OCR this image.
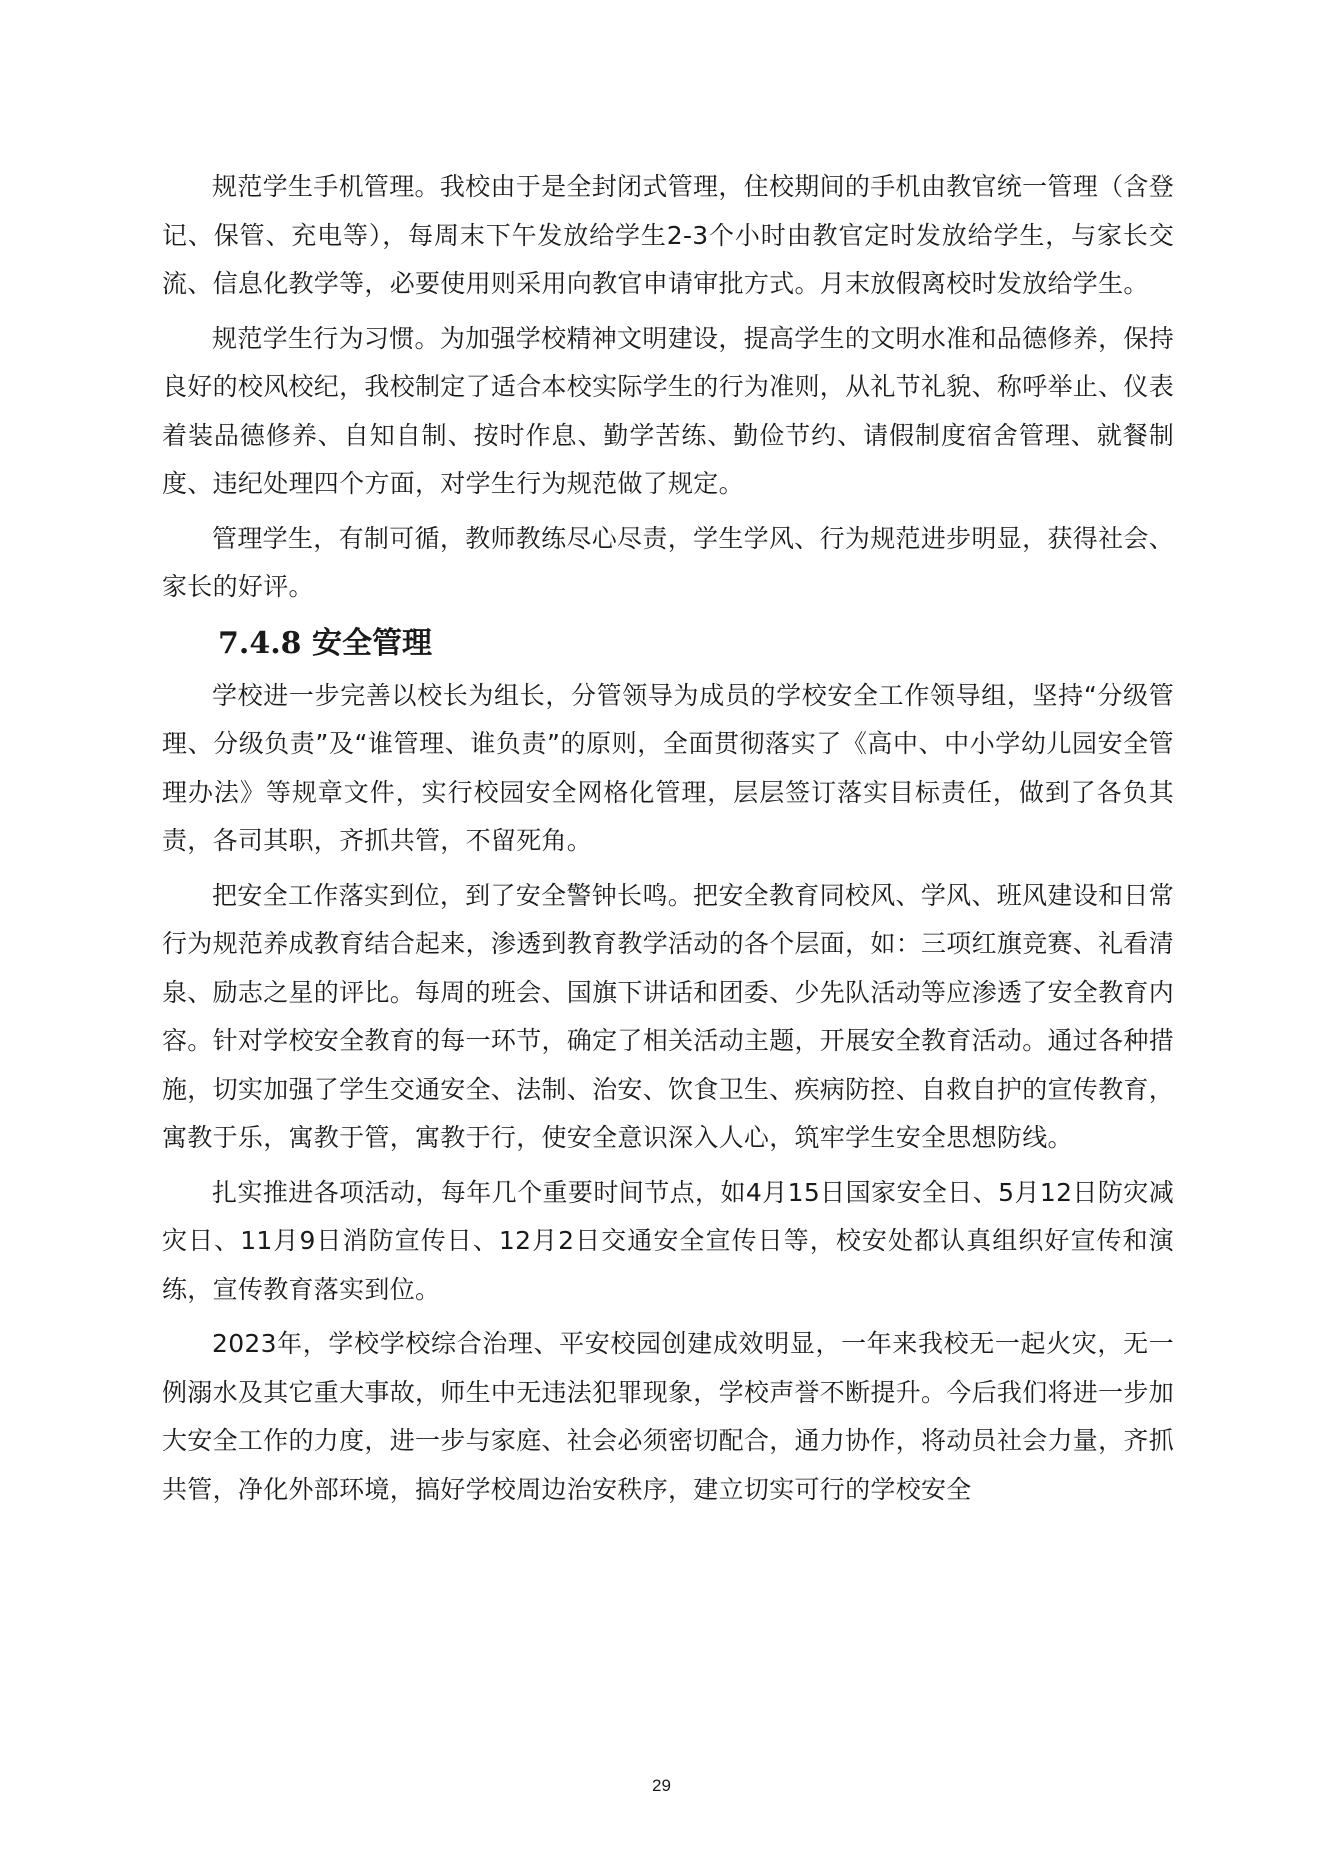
规范学生手机管理。我校由于是全封闭式管理，住校期间的手机由教官统一管理（含登记、保管、充电等），每周末下午发放给学生2-3个小时由教官定时发放给学生，与家长交流、信息化教学等，必要使用则采用向教官申请审批方式。月末放假离校时发放给学生。

规范学生行为习惯。为加强学校精神文明建设，提高学生的文明水准和品德修养，保持良好的校风校纪，我校制定了适合本校实际学生的行为准则，从礼节礼貌、称呼举止、仪表着装品德修养、自知自制、按时作息、勤学苦练、勤俭节约、请假制度宿舍管理、就餐制度、违纪处理四个方面，对学生行为规范做了规定。

管理学生，有制可循，教师教练尽心尽责，学生学风、行为规范进步明显，获得社会、家长的好评。

7.4.8 安全管理

学校进一步完善以校长为组长，分管领导为成员的学校安全工作领导组，坚持“分级管理、分级负责”及“谁管理、谁负责”的原则，全面贯彻落实了《高中、中小学幼儿园安全管理办法》等规章文件，实行校园安全网格化管理，层层签订落实目标责任，做到了各负其责，各司其职，齐抓共管，不留死角。

把安全工作落实到位，到了安全警钟长鸣。把安全教育同校风、学风、班风建设和日常行为规范养成教育结合起来，渗透到教育教学活动的各个层面，如：三项红旗竞赛、礼看清泉、励志之星的评比。每周的班会、国旗下讲话和团委、少先队活动等应渗透了安全教育内容。针对学校安全教育的每一环节，确定了相关活动主题，开展安全教育活动。通过各种措施，切实加强了学生交通安全、法制、治安、饮食卫生、疾病防控、自救自护的宣传教育，寓教于乐，寓教于管，寓教于行，使安全意识深入人心，筑牢学生安全思想防线。

扎实推进各项活动，每年几个重要时间节点，如4月15日国家安全日、5月12日防灾减灾日、11月9日消防宣传日、12月2日交通安全宣传日等，校安处都认真组织好宣传和演练，宣传教育落实到位。

2023年，学校学校综合治理、平安校园创建成效明显，一年来我校无一起火灾，无一例溺水及其它重大事故，师生中无违法犯罪现象，学校声誉不断提升。今后我们将进一步加大安全工作的力度，进一步与家庭、社会必须密切配合，通力协作，将动员社会力量，齐抓共管，净化外部环境，搞好学校周边治安秩序，建立切实可行的学校安全

29
